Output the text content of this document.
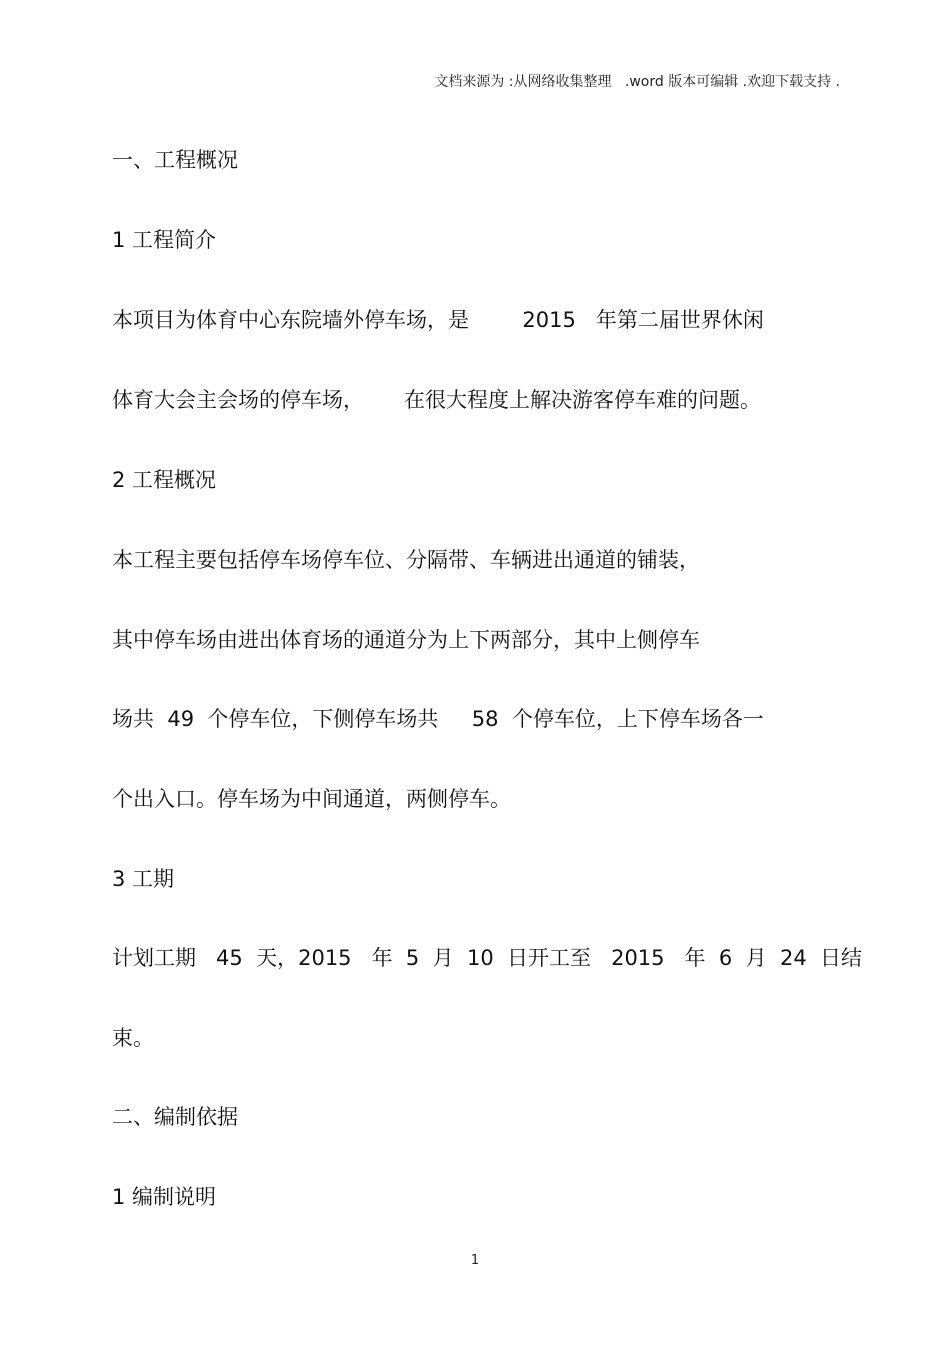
文档来源为 :从网络收集整理   .word 版本可编辑 .欢迎下载支持 .
一、工程概况
1 工程简介
本项目为体育中心东院墙外停车场，是        2015   年第二届世界休闲
体育大会主会场的停车场，      在很大程度上解决游客停车难的问题。
2 工程概况
本工程主要包括停车场停车位、分隔带、车辆进出通道的铺装，
其中停车场由进出体育场的通道分为上下两部分，其中上侧停车
场共  49  个停车位，下侧停车场共     58  个停车位，上下停车场各一
个出入口。停车场为中间通道，两侧停车。
3 工期
计划工期   45  天，2015   年  5  月  10  日开工至   2015   年  6  月  24  日结
束。
二、编制依据
1 编制说明
1
